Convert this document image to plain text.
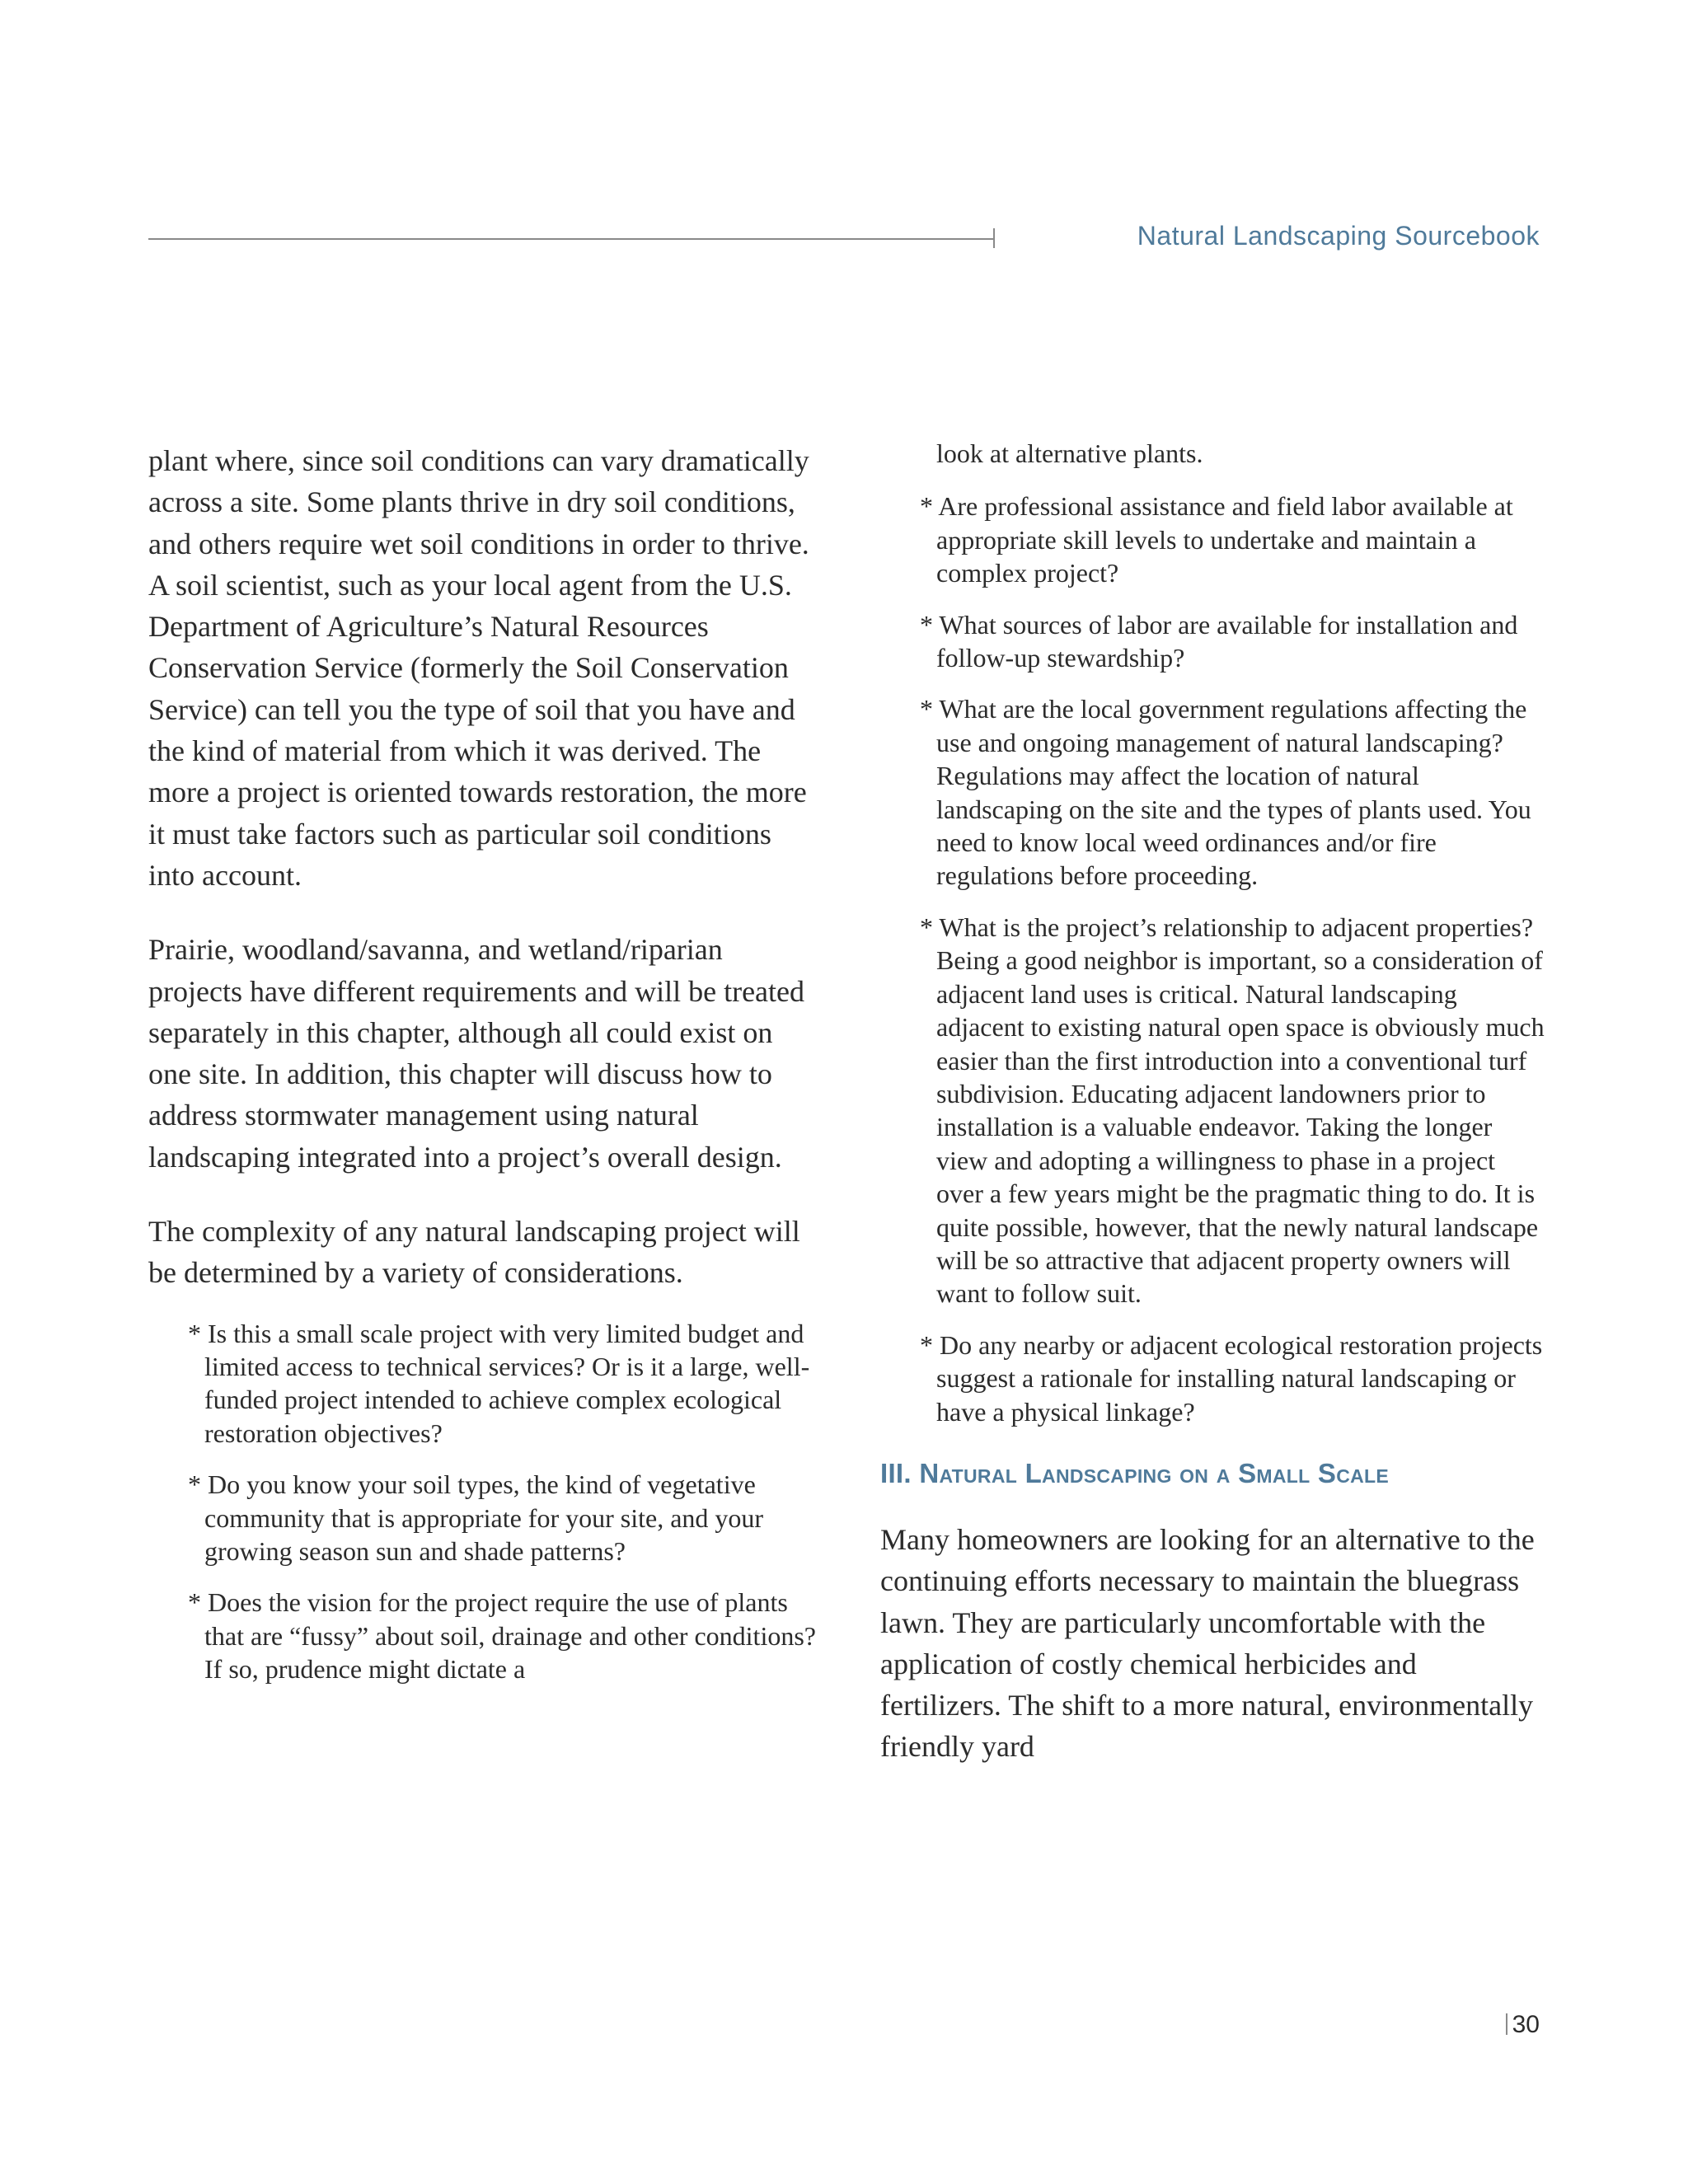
Natural Landscaping Sourcebook

plant where, since soil conditions can vary dramatically across a site. Some plants thrive in dry soil conditions, and others require wet soil conditions in order to thrive. A soil scientist, such as your local agent from the U.S. Department of Agriculture’s Natural Resources Conservation Service (formerly the Soil Conservation Service) can tell you the type of soil that you have and the kind of material from which it was derived. The more a project is oriented towards restoration, the more it must take factors such as particular soil conditions into account.

Prairie, woodland/savanna, and wetland/riparian projects have different requirements and will be treated separately in this chapter, although all could exist on one site. In addition, this chapter will discuss how to address stormwater management using natural landscaping integrated into a project’s overall design.

The complexity of any natural landscaping project will be determined by a variety of considerations.

* Is this a small scale project with very limited budget and limited access to technical services? Or is it a large, well-funded project intended to achieve complex ecological restoration objectives?
* Do you know your soil types, the kind of vegetative community that is appropriate for your site, and your growing season sun and shade patterns?
* Does the vision for the project require the use of plants that are “fussy” about soil, drainage and other conditions? If so, prudence might dictate a

look at alternative plants.

* Are professional assistance and field labor available at appropriate skill levels to undertake and maintain a complex project?
* What sources of labor are available for installation and follow-up stewardship?
* What are the local government regulations affecting the use and ongoing management of natural landscaping? Regulations may affect the location of natural landscaping on the site and the types of plants used. You need to know local weed ordinances and/or fire regulations before proceeding.
* What is the project’s relationship to adjacent properties? Being a good neighbor is important, so a consideration of adjacent land uses is critical. Natural landscaping adjacent to existing natural open space is obviously much easier than the first introduction into a conventional turf subdivision. Educating adjacent landowners prior to installation is a valuable endeavor. Taking the longer view and adopting a willingness to phase in a project over a few years might be the pragmatic thing to do. It is quite possible, however, that the newly natural landscape will be so attractive that adjacent property owners will want to follow suit.
* Do any nearby or adjacent ecological restoration projects suggest a rationale for installing natural landscaping or have a physical linkage?
III. Natural Landscaping on a Small Scale

Many homeowners are looking for an alternative to the continuing efforts necessary to maintain the bluegrass lawn. They are particularly uncomfortable with the application of costly chemical herbicides and fertilizers. The shift to a more natural, environmentally friendly yard

30
